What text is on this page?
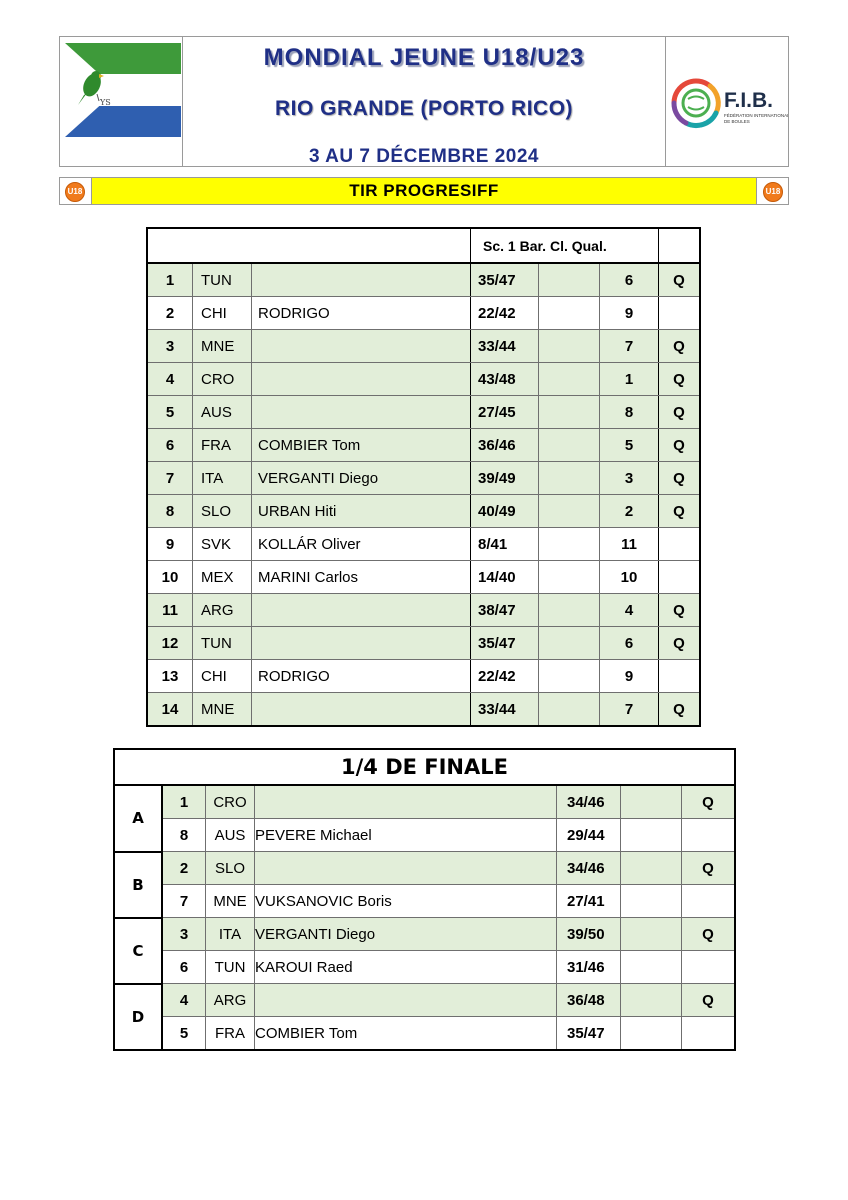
YS
MONDIAL JEUNE U18/U23
RIO GRANDE (PORTO RICO)
3 AU 7 DÉCEMBRE 2024
F.I.B.
FÉDÉRATION INTERNATIONALE
DE BOULES
U18	TIR PROGRESIFF	U18
			Sc. 1 Bar. Cl. Qual.			
1	TUN		35/47		6	Q
2	CHI	RODRIGO	22/42		9	
3	MNE		33/44		7	Q
4	CRO		43/48		1	Q
5	AUS		27/45		8	Q
6	FRA	COMBIER Tom	36/46		5	Q
7	ITA	VERGANTI Diego	39/49		3	Q
8	SLO	URBAN Hiti	40/49		2	Q
9	SVK	KOLLÁR Oliver	8/41		11	
10	MEX	MARINI Carlos	14/40		10	
11	ARG		38/47		4	Q
12	TUN		35/47		6	Q
13	CHI	RODRIGO	22/42		9	
14	MNE		33/44		7	Q
1/4 DE FINALE						
A	1	CRO		34/46		Q
	8	AUS	PEVERE Michael	29/44		
B	2	SLO		34/46		Q
	7	MNE	VUKSANOVIC Boris	27/41		
C	3	ITA	VERGANTI Diego	39/50		Q
	6	TUN	KAROUI Raed	31/46		
D	4	ARG		36/48		Q
	5	FRA	COMBIER Tom	35/47		
